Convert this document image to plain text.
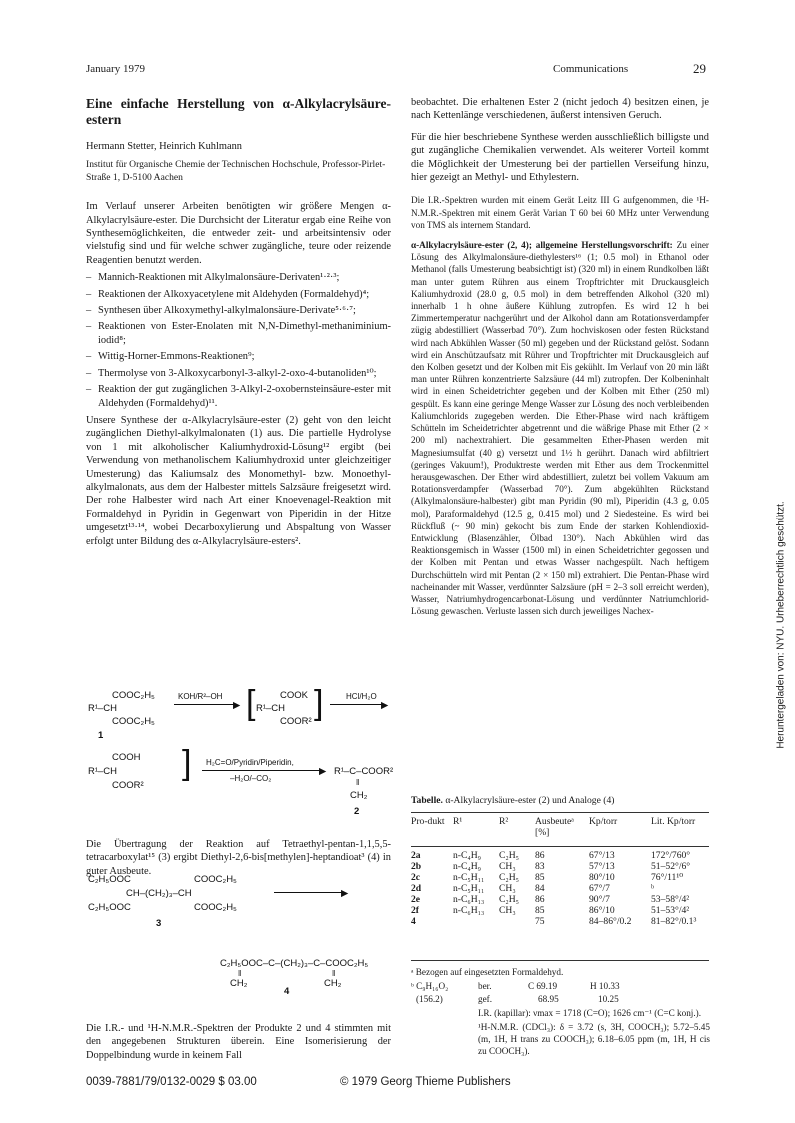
January 1979	Communications	29

Eine einfache Herstellung von α-Alkylacrylsäure-estern

Hermann Stetter, Heinrich Kuhlmann

Institut für Organische Chemie der Technischen Hochschule, Professor-Pirlet-Straße 1, D-5100 Aachen

Im Verlauf unserer Arbeiten benötigten wir größere Mengen α-Alkylacrylsäure-ester. Die Durchsicht der Literatur ergab eine Reihe von Synthesemöglichkeiten, die entweder zeit- und arbeitsintensiv oder vielstufig sind und für welche schwer zugängliche, teure oder reizende Reagentien benutzt werden.

– Mannich-Reaktionen mit Alkylmalonsäure-Derivaten¹·²·³;
– Reaktionen der Alkoxyacetylene mit Aldehyden (Formaldehyd)⁴;
– Synthesen über Alkoxymethyl-alkylmalonsäure-Derivate⁵·⁶·⁷;
– Reaktionen von Ester-Enolaten mit N,N-Dimethyl-methaniminium-iodid⁸;
– Wittig-Horner-Emmons-Reaktionen⁹;
– Thermolyse von 3-Alkoxycarbonyl-3-alkyl-2-oxo-4-butanoliden¹⁰;
– Reaktion der gut zugänglichen 3-Alkyl-2-oxobernsteinsäure-ester mit Aldehyden (Formaldehyd)¹¹.

Unsere Synthese der α-Alkylacrylsäure-ester (2) geht von den leicht zugänglichen Diethyl-alkylmalonaten (1) aus. Die partielle Hydrolyse von 1 mit alkoholischer Kaliumhydroxid-Lösung¹² ergibt (bei Verwendung von methanolischem Kaliumhydroxid unter gleichzeitiger Umesterung) das Kaliumsalz des Monomethyl- bzw. Monoethyl-alkylmalonats, aus dem der Halbester mittels Salzsäure freigesetzt wird. Der rohe Halbester wird nach Art einer Knoevenagel-Reaktion mit Formaldehyd in Pyridin in Gegenwart von Piperidin in der Hitze umgesetzt¹³·¹⁴, wobei Decarboxylierung und Abspaltung von Wasser erfolgt unter Bildung des α-Alkylacrylsäure-esters².

COOC₂H₅
R¹–CH
COOC₂H₅
1
KOH/R²–OH
▶ [	COOK
R¹–CH
COOR² ]	HCl/H₂O
▶
COOH
R¹–CH
COOR²
] H₂C=O/Pyridin/Piperidin,
▶
–H₂O/–CO₂
R¹–C–COOR²
‖
CH₂
2
Die Übertragung der Reaktion auf Tetraethyl-pentan-1,1,5,5-tetracarboxylat¹⁵ (3) ergibt Diethyl-2,6-bis[methylen]-heptandioat³ (4) in guter Ausbeute.
C₂H₅OOC
C₂H₅OOC
CH–(CH₂)₃–CH
COOC₂H₅
COOC₂H₅
3
▶
C₂H₅OOC–C–(CH₂)₃–C–COOC₂H₅
‖	‖
CH₂	CH₂
4
Die I.R.- und ¹H-N.M.R.-Spektren der Produkte 2 und 4 stimmten mit den angegebenen Strukturen überein. Eine Isomerisierung der Doppelbindung wurde in keinem Fall

beobachtet. Die erhaltenen Ester 2 (nicht jedoch 4) besitzen einen, je nach Kettenlänge verschiedenen, äußerst intensiven Geruch.

Für die hier beschriebene Synthese werden ausschließlich billigste und gut zugängliche Chemikalien verwendet. Als weiterer Vorteil kommt die Möglichkeit der Umesterung bei der partiellen Verseifung hinzu, hier gezeigt an Methyl- und Ethylestern.

Die I.R.-Spektren wurden mit einem Gerät Leitz III G aufgenommen, die ¹H-N.M.R.-Spektren mit einem Gerät Varian T 60 bei 60 MHz unter Verwendung von TMS als internem Standard.

α-Alkylacrylsäure-ester (2, 4); allgemeine Herstellungsvorschrift: Zu einer Lösung des Alkylmalonsäure-diethylesters¹⁶ (1; 0.5 mol) in Ethanol oder Methanol (falls Umesterung beabsichtigt ist) (320 ml) in einem Rundkolben läßt man unter gutem Rühren aus einem Tropftrichter mit Druckausgleich Kaliumhydroxid (28.0 g, 0.5 mol) in dem betreffenden Alkohol (320 ml) innerhalb 1 h ohne äußere Kühlung zutropfen. Es wird 12 h bei Zimmertemperatur nachgerührt und der Alkohol dann am Rotationsverdampfer zügig abdestilliert (Wasserbad 70°). Zum hochviskosen oder festen Rückstand wird nach Abkühlen Wasser (50 ml) gegeben und der Rückstand gelöst. Sodann wird ein Anschützaufsatz mit Rührer und Tropftrichter mit Druckausgleich auf den Kolben gesetzt und der Kolben mit Eis gekühlt. Im Verlauf von 20 min läßt man unter Rühren konzentrierte Salzsäure (44 ml) zutropfen. Der Kolbeninhalt wird in einen Scheidetrichter gegeben und der Kolben mit Ether (250 ml) gespült. Es kann eine geringe Menge Wasser zur Lösung des noch verbleibenden Kaliumchlorids zugegeben werden. Die Ether-Phase wird nach kräftigem Schütteln im Scheidetrichter abgetrennt und die wäßrige Phase mit Ether (2 × 200 ml) nachextrahiert. Die gesammelten Ether-Phasen werden mit Magnesiumsulfat (40 g) versetzt und 1½ h gerührt. Danach wird abfiltriert (geringes Vakuum!), Produktreste werden mit Ether aus dem Trockenmittel herausgewaschen. Der Ether wird abdestilliert, zuletzt bei vollem Vakuum am Rotationsverdampfer (Wasserbad 70°). Zum abgekühlten Rückstand (Alkylmalonsäure-halbester) gibt man Pyridin (90 ml), Piperidin (4.3 g, 0.05 mol), Paraformaldehyd (12.5 g, 0.415 mol) und 2 Siedesteine. Es wird bei Rückfluß (~ 90 min) gekocht bis zum Ende der starken Kohlendioxid-Entwicklung (Blasenzähler, Ölbad 130°). Nach Abkühlen wird das Reaktionsgemisch in Wasser (1500 ml) in einen Scheidetrichter gegossen und der Kolben mit Pentan und etwas Wasser nachgespült. Nach heftigem Durchschütteln wird mit Pentan (2 × 150 ml) extrahiert. Die Pentan-Phase wird nacheinander mit Wasser, verdünnter Salzsäure (pH = 2–3 soll erreicht werden), Wasser, Natriumhydrogencarbonat-Lösung und verdünnter Natriumchlorid-Lösung gewaschen. Verluste lassen sich durch jeweiliges Nachex-

Tabelle. α-Alkylacrylsäure-ester (2) und Analoge (4)
Pro-dukt	R¹	R²	Ausbeuteᵃ [%]	Kp/torr	Lit. Kp/torr
2a	n-C₄H₉	C₂H₅	86	67°/13	172°/760°
2b	n-C₄H₉	CH₃	83	57°/13	51–52°/6°
2c	n-C₅H₁₁	C₂H₅	85	80°/10	76°/11¹⁰
2d	n-C₅H₁₁	CH₃	84	67°/7	ᵇ
2e	n-C₆H₁₃	C₂H₅	86	90°/7	53–58°/4²
2f	n-C₆H₁₃	CH₃	85	86°/10	51–53°/4²
4			75	84–86°/0.2	81–82°/0.1³
ᵃ Bezogen auf eingesetzten Formaldehyd.
ᵇ C₉H₁₆O₂	ber.	C 69.19	H 10.33
(156.2)	gef.	68.95	10.25
I.R. (kapillar): νmax = 1718 (C=O); 1626 cm⁻¹ (C=C konj.).
¹H-N.M.R. (CDCl₃): δ = 3.72 (s, 3H, COOCH₃); 5.72–5.45 (m, 1H, H trans zu COOCH₃); 6.18–6.05 ppm (m, 1H, H cis zu COOCH₃).
0039-7881/79/0132-0029 $ 03.00	© 1979 Georg Thieme Publishers
Heruntergeladen von: NYU. Urheberrechtlich geschützt.
